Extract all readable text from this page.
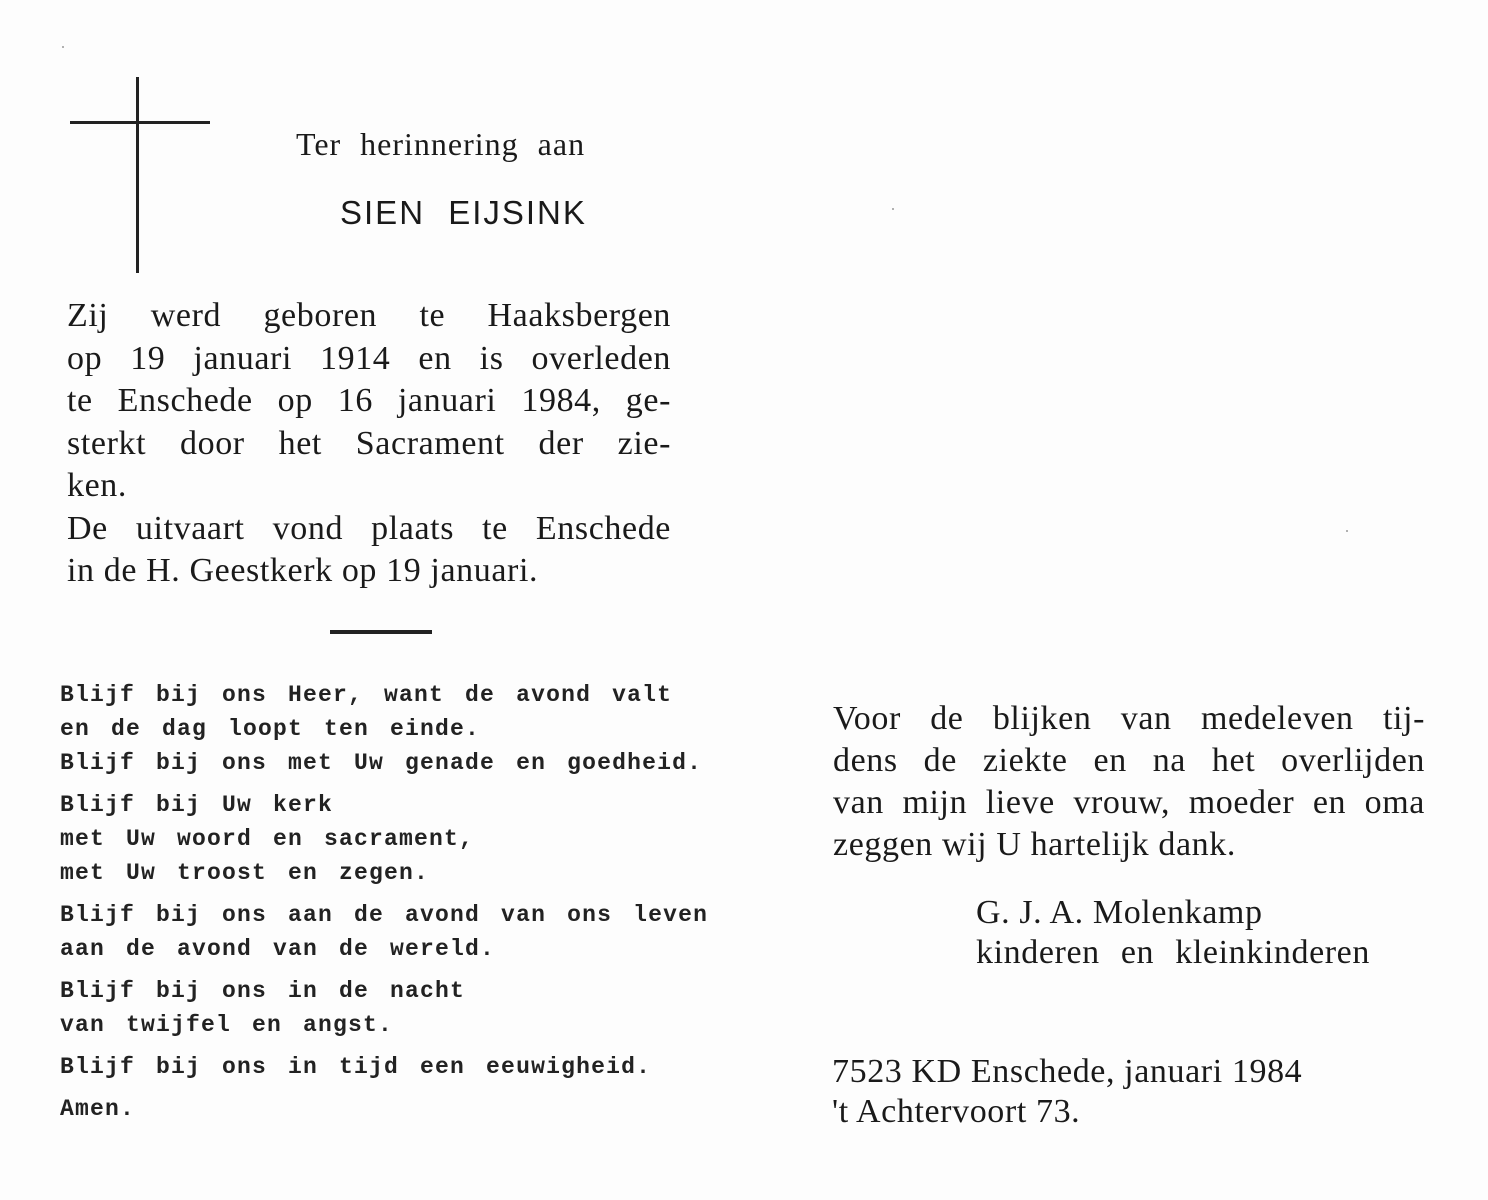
Ter herinnering aan
SIEN EIJSINK
Zij werd geboren te Haaksbergen
op 19 januari 1914 en is overleden
te Enschede op 16 januari 1984, ge-
sterkt door het Sacrament der zie-
ken.
De uitvaart vond plaats te Enschede
in de H. Geestkerk op 19 januari.
Blijf bij ons Heer, want de avond valt
en de dag loopt ten einde.
Blijf bij ons met Uw genade en goedheid.
Blijf bij Uw kerk
met Uw woord en sacrament,
met Uw troost en zegen.
Blijf bij ons aan de avond van ons leven
aan de avond van de wereld.
Blijf bij ons in de nacht
van twijfel en angst.
Blijf bij ons in tijd een eeuwigheid.
Amen.
Voor de blijken van medeleven tij-
dens de ziekte en na het overlijden
van mijn lieve vrouw, moeder en oma
zeggen wij U hartelijk dank.
G. J. A. Molenkamp
kinderen en kleinkinderen
7523 KD Enschede, januari 1984
't Achtervoort 73.
